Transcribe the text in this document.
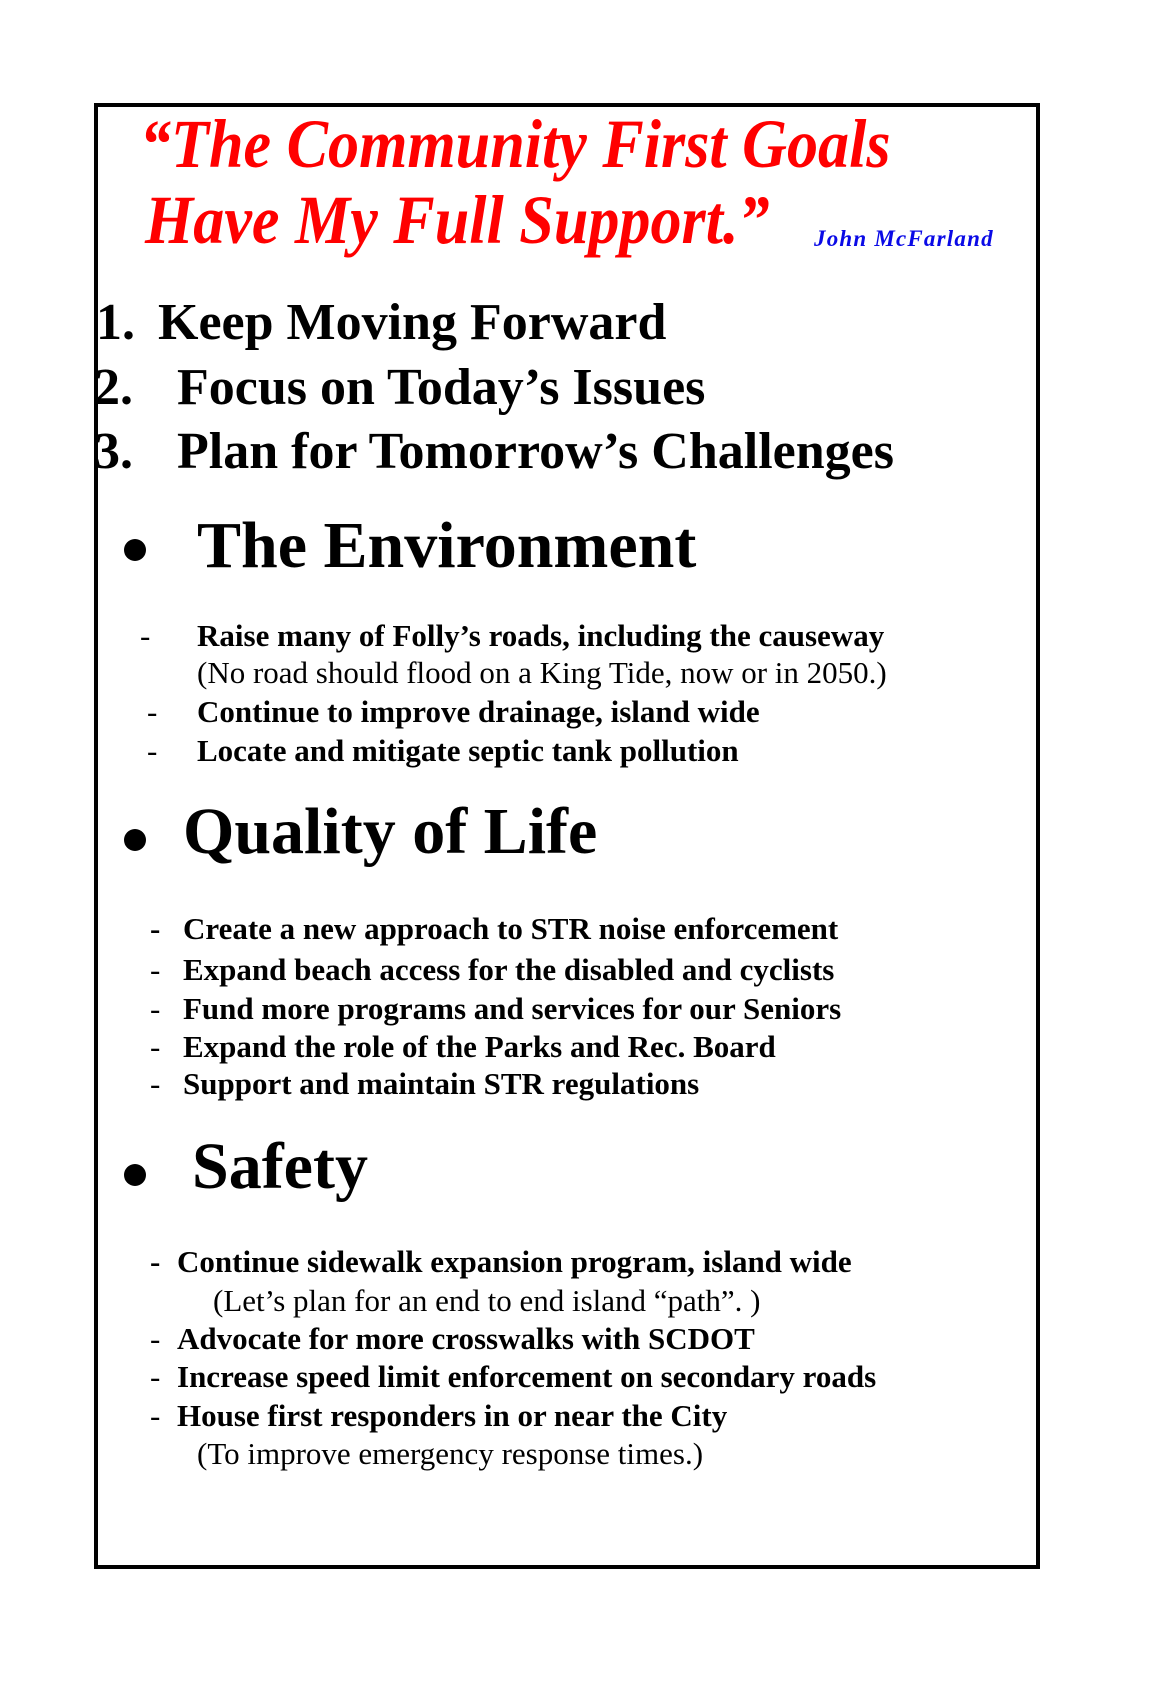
“The Community First Goals
Have My Full Support.” John McFarland
1. Keep Moving Forward
2. Focus on Today’s Issues
3. Plan for Tomorrow’s Challenges
The Environment
- Raise many of Folly’s roads, including the causeway
(No road should flood on a King Tide, now or in 2050.)
- Continue to improve drainage, island wide
- Locate and mitigate septic tank pollution
Quality of Life
- Create a new approach to STR noise enforcement
- Expand beach access for the disabled and cyclists
- Fund more programs and services for our Seniors
- Expand the role of the Parks and Rec. Board
- Support and maintain STR regulations
Safety
- Continue sidewalk expansion program, island wide
(Let’s plan for an end to end island “path”. )
- Advocate for more crosswalks with SCDOT
- Increase speed limit enforcement on secondary roads
- House first responders in or near the City
(To improve emergency response times.)
